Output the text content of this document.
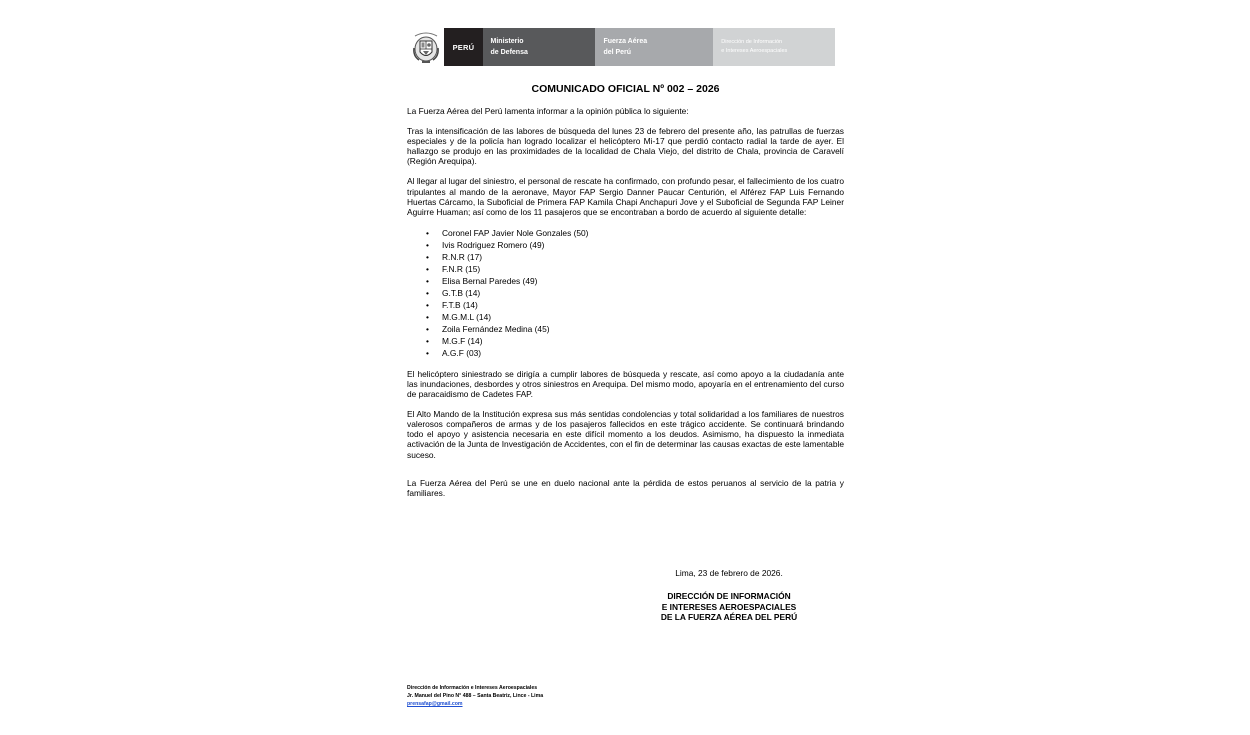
PERÚ
Ministerio
de Defensa
Fuerza Aérea
del Perú
Dirección de Información
e Intereses Aeroespaciales
COMUNICADO OFICIAL Nº 002 – 2026

La Fuerza Aérea del Perú lamenta informar a la opinión pública lo siguiente:

Tras la intensificación de las labores de búsqueda del lunes 23 de febrero del presente año, las patrullas de fuerzas especiales y de la policía han logrado localizar el helicóptero Mi-17 que perdió contacto radial la tarde de ayer. El hallazgo se produjo en las proximidades de la localidad de Chala Viejo, del distrito de Chala, provincia de Caravelí (Región Arequipa).

Al llegar al lugar del siniestro, el personal de rescate ha confirmado, con profundo pesar, el fallecimiento de los cuatro tripulantes al mando de la aeronave, Mayor FAP Sergio Danner Paucar Centurión, el Alférez FAP Luis Fernando Huertas Cárcamo, la Suboficial de Primera FAP Kamila Chapi Anchapuri Jove y el Suboficial de Segunda FAP Leiner Aguirre Huaman; así como de los 11 pasajeros que se encontraban a bordo de acuerdo al siguiente detalle:

• Coronel FAP Javier Nole Gonzales (50)
• Ivis Rodriguez Romero (49)
• R.N.R (17)
• F.N.R (15)
• Elisa Bernal Paredes (49)
• G.T.B (14)
• F.T.B (14)
• M.G.M.L (14)
• Zoila Fernández Medina (45)
• M.G.F (14)
• A.G.F (03)

El helicóptero siniestrado se dirigía a cumplir labores de búsqueda y rescate, así como apoyo a la ciudadanía ante las inundaciones, desbordes y otros siniestros en Arequipa. Del mismo modo, apoyaría en el entrenamiento del curso de paracaidismo de Cadetes FAP.

El Alto Mando de la Institución expresa sus más sentidas condolencias y total solidaridad a los familiares de nuestros valerosos compañeros de armas y de los pasajeros fallecidos en este trágico accidente. Se continuará brindando todo el apoyo y asistencia necesaria en este difícil momento a los deudos. Asimismo, ha dispuesto la inmediata activación de la Junta de Investigación de Accidentes, con el fin de determinar las causas exactas de este lamentable suceso.

La Fuerza Aérea del Perú se une en duelo nacional ante la pérdida de estos peruanos al servicio de la patria y familiares.

Lima, 23 de febrero de 2026.
DIRECCIÓN DE INFORMACIÓN
E INTERESES AEROESPACIALES
DE LA FUERZA AÉREA DEL PERÚ
Dirección de Información e Intereses Aeroespaciales
Jr. Manuel del Pino N° 488 – Santa Beatriz, Lince - Lima
prensafap@gmail.com
